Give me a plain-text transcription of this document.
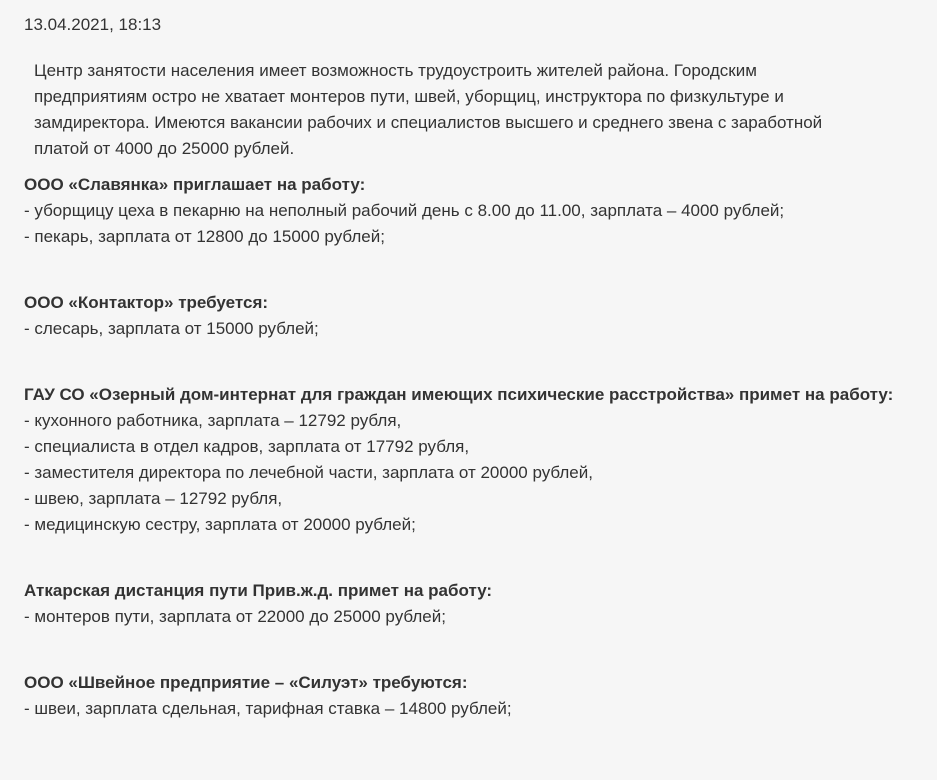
13.04.2021, 18:13

Центр занятости населения имеет возможность трудоустроить жителей района. Городским предприятиям остро не хватает монтеров пути, швей, уборщиц, инструктора по физкультуре и замдиректора. Имеются вакансии рабочих и специалистов высшего и среднего звена с заработной платой от 4000 до 25000 рублей.

ООО «Славянка» приглашает на работу:

- уборщицу цеха в пекарню на неполный рабочий день с 8.00 до 11.00, зарплата – 4000 рублей;

- пекарь, зарплата от 12800 до 15000 рублей;

ООО «Контактор» требуется:

- слесарь, зарплата от 15000 рублей;

ГАУ СО «Озерный дом-интернат для граждан имеющих психические расстройства» примет на работу:

- кухонного работника, зарплата – 12792 рубля,

- специалиста в отдел кадров, зарплата от 17792 рубля,

- заместителя директора по лечебной части, зарплата от 20000 рублей,

- швею, зарплата – 12792 рубля,

- медицинскую сестру, зарплата от 20000 рублей;

Аткарская дистанция пути Прив.ж.д. примет на работу:

- монтеров пути, зарплата от 22000 до 25000 рублей;

ООО «Швейное предприятие – «Силуэт» требуются:

- швеи, зарплата сдельная, тарифная ставка – 14800 рублей;
